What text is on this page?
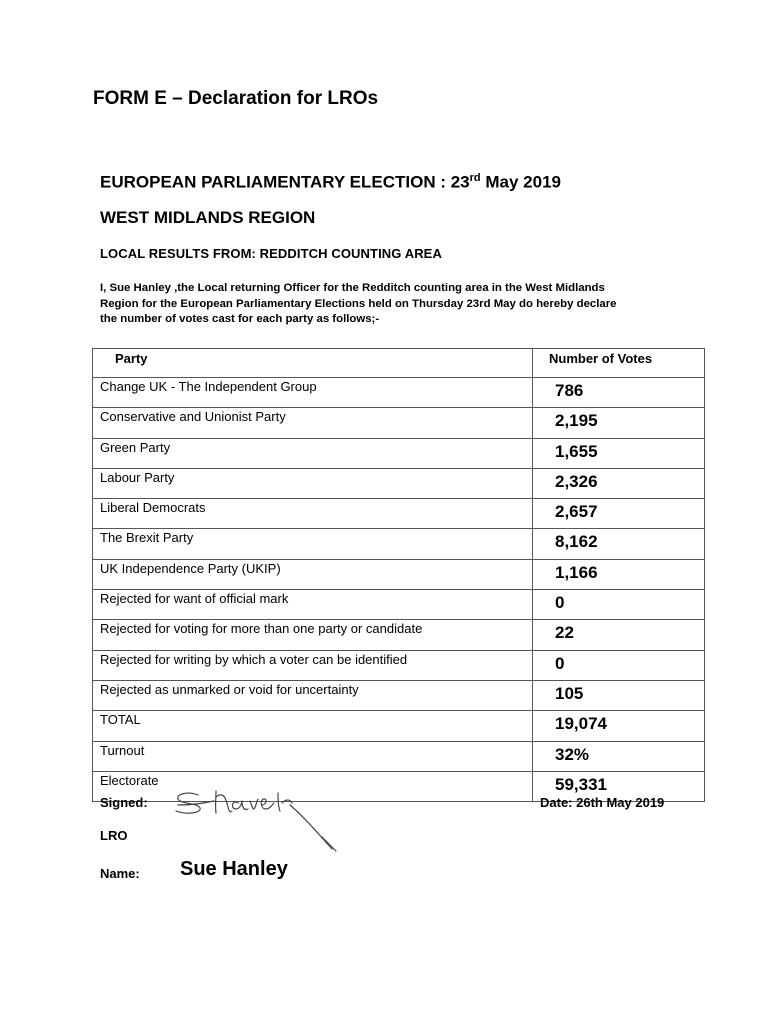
FORM E – Declaration for LROs
EUROPEAN PARLIAMENTARY ELECTION : 23rd May 2019
WEST MIDLANDS REGION
LOCAL RESULTS FROM: REDDITCH COUNTING AREA
I, Sue Hanley ,the Local returning Officer for the Redditch counting area in the West Midlands
Region for the European Parliamentary Elections held on Thursday 23rd May do hereby declare
the number of votes cast for each party as follows;-
Party	Number of Votes
Change UK - The Independent Group	786
Conservative and Unionist Party	2,195
Green Party	1,655
Labour Party	2,326
Liberal Democrats	2,657
The Brexit Party	8,162
UK Independence Party (UKIP)	1,166
Rejected for want of official mark	0
Rejected for voting for more than one party or candidate	22
Rejected for writing by which a voter can be identified	0
Rejected as unmarked or void for uncertainty	105
TOTAL	19,074
Turnout	32%
Electorate	59,331
Signed:	Date: 26th May 2019
LRO
Name: Sue Hanley
